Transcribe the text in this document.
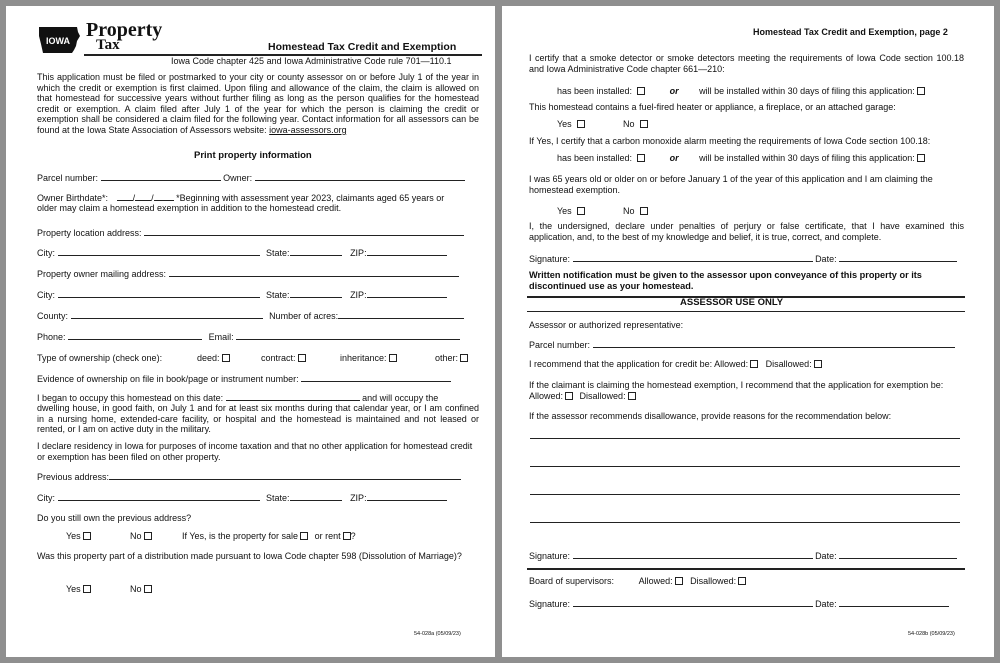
IOWA Property
Tax	Homestead Tax Credit and Exemption
Iowa Code chapter 425 and Iowa Administrative Code rule 701—110.1
This application must be filed or postmarked to your city or county assessor on or before July 1 of the year in which the credit or exemption is first claimed. Upon filing and allowance of the claim, the claim is allowed on that homestead for successive years without further filing as long as the person qualifies for the homestead credit or exemption. A claim filed after July 1 of the year for which the person is claiming the credit or exemption shall be considered a claim filed for the following year. Contact information for all assessors can be found at the Iowa State Association of Assessors website: iowa-assessors.org
Print property information
Parcel number:	Owner:
Owner Birthdate*:	/ /	*Beginning with assessment year 2023, claimants aged 65 years or
older may claim a homestead exemption in addition to the homestead credit.
Property location address:
City:	State:	ZIP:
Property owner mailing address:
City:	State:	ZIP:
County:	Number of acres:
Phone:	Email:
Type of ownership (check one):	deed:	contract:	inheritance:	other:
Evidence of ownership on file in book/page or instrument number:
I began to occupy this homestead on this date:	and will occupy the
dwelling house, in good faith, on July 1 and for at least six months during that calendar year, or I am confined in a nursing home, extended-care facility, or hospital and the homestead is maintained and not leased or rented, or I am on active duty in the military.
I declare residency in Iowa for purposes of income taxation and that no other application for homestead credit or exemption has been filed on other property.
Previous address:
City:	State:	ZIP:
Do you still own the previous address?
Yes	No	If Yes, is the property for sale or rent ?
Was this property part of a distribution made pursuant to Iowa Code chapter 598 (Dissolution of Marriage)?
Yes	No
54-028a (05/09/23)
Homestead Tax Credit and Exemption, page 2
I certify that a smoke detector or smoke detectors meeting the requirements of Iowa Code section 100.18 and Iowa Administrative Code chapter 661—210:
has been installed:	or will be installed within 30 days of filing this application:
This homestead contains a fuel-fired heater or appliance, a fireplace, or an attached garage:
Yes	No
If Yes, I certify that a carbon monoxide alarm meeting the requirements of Iowa Code section 100.18:
has been installed:	or will be installed within 30 days of filing this application:
I was 65 years old or older on or before January 1 of the year of this application and I am claiming the homestead exemption.
Yes	No
I, the undersigned, declare under penalties of perjury or false certificate, that I have examined this application, and, to the best of my knowledge and belief, it is true, correct, and complete.
Signature:	Date:
Written notification must be given to the assessor upon conveyance of this property or its discontinued use as your homestead.
ASSESSOR USE ONLY
Assessor or authorized representative:
Parcel number:
I recommend that the application for credit be: Allowed: Disallowed:
If the claimant is claiming the homestead exemption, I recommend that the application for exemption be:
Allowed: Disallowed:
If the assessor recommends disallowance, provide reasons for the recommendation below:
Signature:	Date:
Board of supervisors:	Allowed: Disallowed:
Signature:	Date:
54-028b (05/09/23)
